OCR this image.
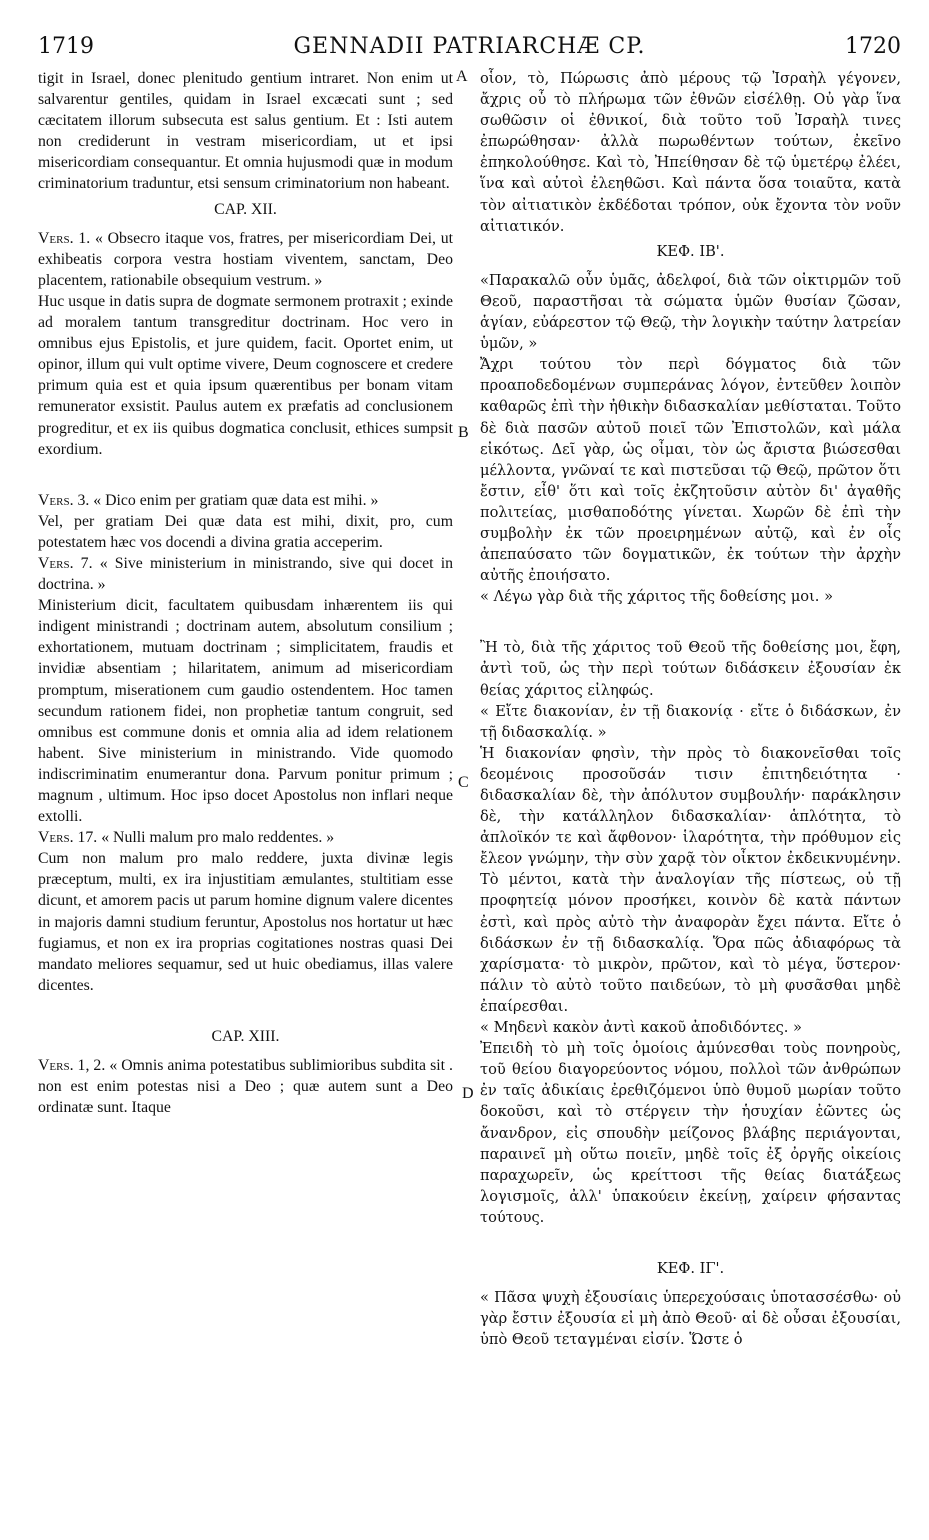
1719	GENNADII PATRIARCHÆ CP.	1720

tigit in Israel, donec plenitudo gentium intraret. Non enim ut salvarentur gentiles, quidam in Israel excæcati sunt ; sed cæcitatem illorum subsecuta est salus gentium. Et : Isti autem non crediderunt in vestram misericordiam, ut et ipsi misericordiam consequantur. Et omnia hujusmodi quæ in modum criminatorium traduntur, etsi sensum criminatorium non habeant.

CAP. XII.

Vers. 1. « Obsecro itaque vos, fratres, per misericordiam Dei, ut exhibeatis corpora vestra hostiam viventem, sanctam, Deo placentem, rationabile obsequium vestrum. »

Huc usque in datis supra de dogmate sermonem protraxit ; exinde ad moralem tantum transgreditur doctrinam. Hoc vero in omnibus ejus Epistolis, et jure quidem, facit. Oportet enim, ut opinor, illum qui vult optime vivere, Deum cognoscere et credere primum quia est et quia ipsum quærentibus per bonam vitam remunerator exsistit. Paulus autem ex præfatis ad conclusionem progreditur, et ex iis quibus dogmatica conclusit, ethices sumpsit exordium.

Vers. 3. « Dico enim per gratiam quæ data est mihi. »

Vel, per gratiam Dei quæ data est mihi, dixit, pro, cum potestatem hæc vos docendi a divina gratia acceperim.

Vers. 7. « Sive ministerium in ministrando, sive qui docet in doctrina. »

Ministerium dicit, facultatem quibusdam inhærentem iis qui indigent ministrandi ; doctrinam autem, absolutum consilium ; exhortationem, mutuam doctrinam ; simplicitatem, fraudis et invidiæ absentiam ; hilaritatem, animum ad misericordiam promptum, miserationem cum gaudio ostendentem. Hoc tamen secundum rationem fidei, non prophetiæ tantum congruit, sed omnibus est commune donis et omnia alia ad idem relationem habent. Sive ministerium in ministrando. Vide quomodo indiscriminatim enumerantur dona. Parvum ponitur primum ; magnum , ultimum. Hoc ipso docet Apostolus non inflari neque extolli.

Vers. 17. « Nulli malum pro malo reddentes. »

Cum non malum pro malo reddere, juxta divinæ legis præceptum, multi, ex ira injustitiam æmulantes, stultitiam esse dicunt, et amorem pacis ut parum homine dignum valere dicentes in majoris damni studium feruntur, Apostolus nos hortatur ut hæc fugiamus, et non ex ira proprias cogitationes nostras quasi Dei mandato meliores sequamur, sed ut huic obediamus, illas valere dicentes.

CAP. XIII.

Vers. 1, 2. « Omnis anima potestatibus sublimioribus subdita sit . non est enim potestas nisi a Deo ; quæ autem sunt a Deo ordinatæ sunt. Itaque

οἷον, τὸ, Πώρωσις ἀπὸ μέρους τῷ Ἰσραὴλ γέγονεν, ἄχρις οὗ τὸ πλήρωμα τῶν ἐθνῶν εἰσέλθῃ. Οὐ γὰρ ἵνα σωθῶσιν οἱ ἐθνικοί, διὰ τοῦτο τοῦ Ἰσραὴλ τινες ἐπωρώθησαν· ἀλλὰ πωρωθέντων τούτων, ἐκεῖνο ἐπηκολούθησε. Καὶ τὸ, Ἠπείθησαν δὲ τῷ ὑμετέρῳ ἐλέει, ἵνα καὶ αὐτοὶ ἐλεηθῶσι. Καὶ πάντα ὅσα τοιαῦτα, κατὰ τὸν αἰτιατικὸν ἐκδέδοται τρόπον, οὐκ ἔχοντα τὸν νοῦν αἰτιατικόν.

ΚΕΦ. ΙΒ'.

«Παρακαλῶ οὖν ὑμᾶς, ἀδελφοί, διὰ τῶν οἰκτιρμῶν τοῦ Θεοῦ, παραστῆσαι τὰ σώματα ὑμῶν θυσίαν ζῶσαν, ἁγίαν, εὐάρεστον τῷ Θεῷ, τὴν λογικὴν ταύτην λατρείαν ὑμῶν, »

Ἄχρι τούτου τὸν περὶ δόγματος διὰ τῶν προαποδεδομένων συμπεράνας λόγον, ἐντεῦθεν λοιπὸν καθαρῶς ἐπὶ τὴν ἠθικὴν διδασκαλίαν μεθίσταται. Τοῦτο δὲ διὰ πασῶν αὐτοῦ ποιεῖ τῶν Ἐπιστολῶν, καὶ μάλα εἰκότως. Δεῖ γὰρ, ὡς οἶμαι, τὸν ὡς ἄριστα βιώσεσθαι μέλλοντα, γνῶναί τε καὶ πιστεῦσαι τῷ Θεῷ, πρῶτον ὅτι ἔστιν, εἶθ' ὅτι καὶ τοῖς ἐκζητοῦσιν αὐτὸν δι' ἀγαθῆς πολιτείας, μισθαποδότης γίνεται. Χωρῶν δὲ ἐπὶ τὴν συμβολὴν ἐκ τῶν προειρημένων αὐτῷ, καὶ ἐν οἷς ἀπεπαύσατο τῶν δογματικῶν, ἐκ τούτων τὴν ἀρχὴν αὐτῆς ἐποιήσατο.

« Λέγω γὰρ διὰ τῆς χάριτος τῆς δοθείσης μοι. »

Ἢ τὸ, διὰ τῆς χάριτος τοῦ Θεοῦ τῆς δοθείσης μοι, ἔφη, ἀντὶ τοῦ, ὡς τὴν περὶ τούτων διδάσκειν ἐξουσίαν ἐκ θείας χάριτος εἰληφώς.

« Εἴτε διακονίαν, ἐν τῇ διακονίᾳ · εἴτε ὁ διδάσκων, ἐν τῇ διδασκαλίᾳ. »

Ἡ διακονίαν φησὶν, τὴν πρὸς τὸ διακονεῖσθαι τοῖς δεομένοις προσοῦσάν τισιν ἐπιτηδειότητα · διδασκαλίαν δὲ, τὴν ἀπόλυτον συμβουλήν· παράκλησιν δὲ, τὴν κατάλληλον διδασκαλίαν· ἁπλότητα, τὸ ἀπλοϊκόν τε καὶ ἄφθονον· ἱλαρότητα, τὴν πρόθυμον εἰς ἔλεον γνώμην, τὴν σὺν χαρᾷ τὸν οἶκτον ἐκδεικνυμένην. Τὸ μέντοι, κατὰ τὴν ἀναλογίαν τῆς πίστεως, οὐ τῇ προφητείᾳ μόνον προσήκει, κοινὸν δὲ κατὰ πάντων ἐστὶ, καὶ πρὸς αὐτὸ τὴν ἀναφορὰν ἔχει πάντα. Εἴτε ὁ διδάσκων ἐν τῇ διδασκαλίᾳ. Ὅρα πῶς ἀδιαφόρως τὰ χαρίσματα· τὸ μικρὸν, πρῶτον, καὶ τὸ μέγα, ὕστερον· πάλιν τὸ αὐτὸ τοῦτο παιδεύων, τὸ μὴ φυσᾶσθαι μηδὲ ἐπαίρεσθαι.

« Μηδενὶ κακὸν ἀντὶ κακοῦ ἀποδιδόντες. »

Ἐπειδὴ τὸ μὴ τοῖς ὁμοίοις ἀμύνεσθαι τοὺς πονηροὺς, τοῦ θείου διαγορεύοντος νόμου, πολλοὶ τῶν ἀνθρώπων ἐν ταῖς ἀδικίαις ἐρεθιζόμενοι ὑπὸ θυμοῦ μωρίαν τοῦτο δοκοῦσι, καὶ τὸ στέργειν τὴν ἡσυχίαν ἐῶντες ὡς ἄνανδρον, εἰς σπουδὴν μείζονος βλάβης περιάγονται, παραινεῖ μὴ οὕτω ποιεῖν, μηδὲ τοῖς ἐξ ὀργῆς οἰκείοις παραχωρεῖν, ὡς κρείττοσι τῆς θείας διατάξεως λογισμοῖς, ἀλλ' ὑπακούειν ἐκείνῃ, χαίρειν φήσαντας τούτους.

ΚΕΦ. ΙΓ'.

« Πᾶσα ψυχὴ ἐξουσίαις ὑπερεχούσαις ὑποτασσέσθω· οὐ γὰρ ἔστιν ἐξουσία εἰ μὴ ἀπὸ Θεοῦ· αἱ δὲ οὖσαι ἐξουσίαι, ὑπὸ Θεοῦ τεταγμέναι εἰσίν. Ὥστε ὁ

A
B
C
D
